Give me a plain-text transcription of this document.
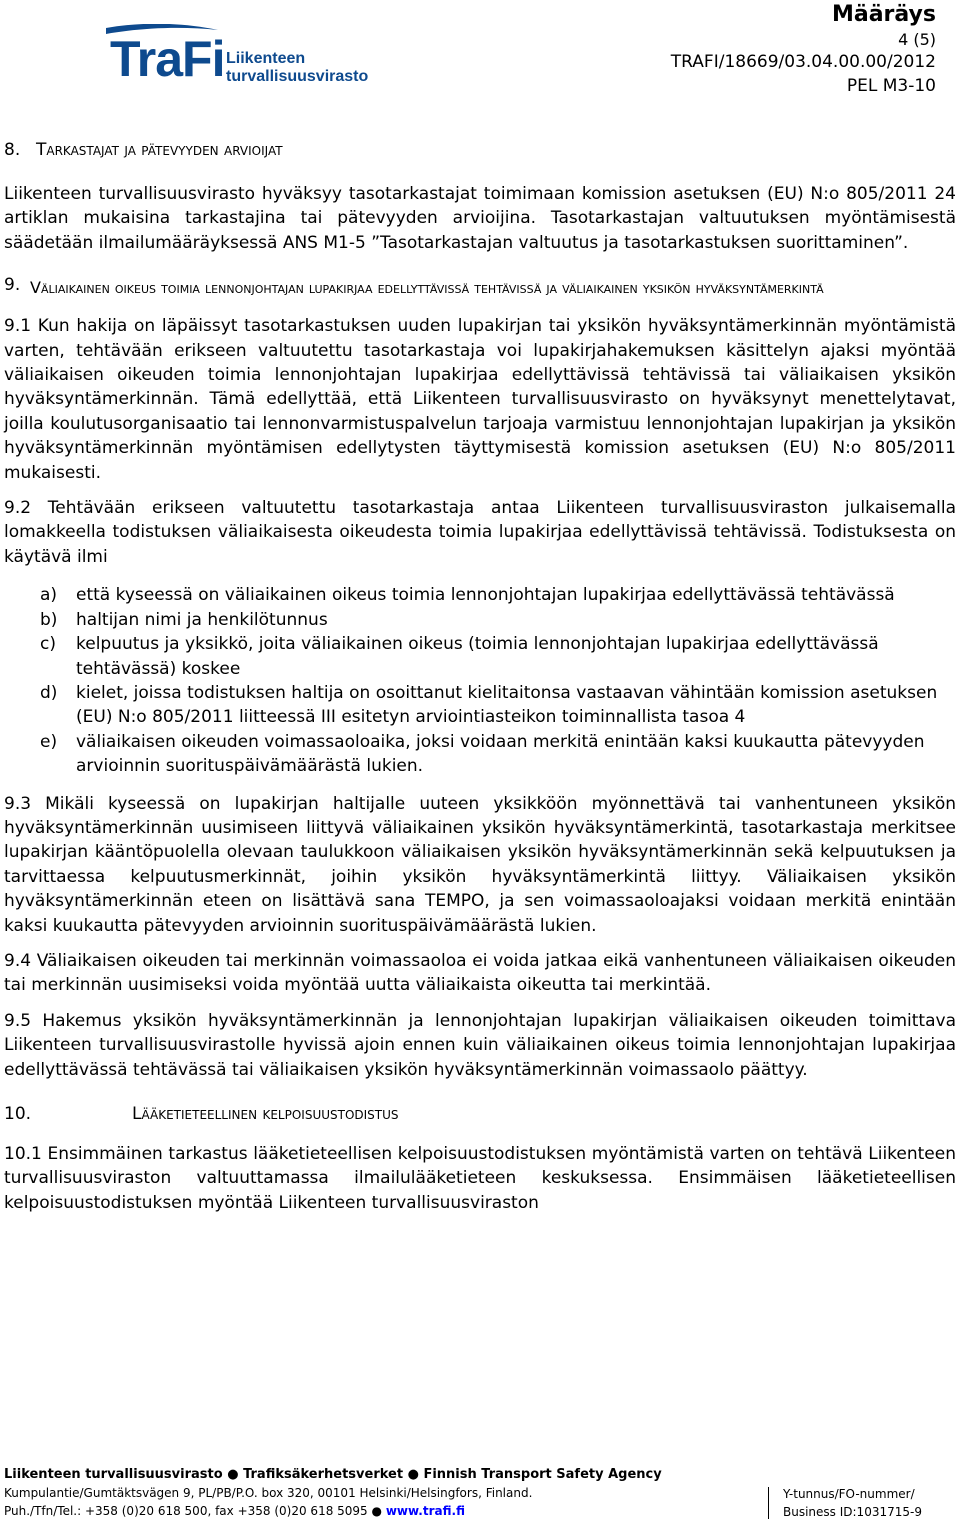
TraFi Liikenteen turvallisuusvirasto
Määräys
4 (5)
TRAFI/18669/03.04.00.00/2012
PEL M3-10
8. Tarkastajat ja pätevyyden arvioijat

Liikenteen turvallisuusvirasto hyväksyy tasotarkastajat toimimaan komission asetuksen (EU) N:o 805/2011 24 artiklan mukaisina tarkastajina tai pätevyyden arvioijina. Tasotarkastajan valtuutuksen myöntämisestä säädetään ilmailumääräyksessä ANS M1-5 ”Tasotarkastajan valtuutus ja tasotarkastuksen suorittaminen”.

9. Väliaikainen oikeus toimia lennonjohtajan lupakirjaa edellyttävissä tehtävissä ja väliaikainen yksikön hyväksyntämerkintä

9.1 Kun hakija on läpäissyt tasotarkastuksen uuden lupakirjan tai yksikön hyväksyntämerkinnän myöntämistä varten, tehtävään erikseen valtuutettu tasotarkastaja voi lupakirjahakemuksen käsittelyn ajaksi myöntää väliaikaisen oikeuden toimia lennonjohtajan lupakirjaa edellyttävissä tehtävissä tai väliaikaisen yksikön hyväksyntämerkinnän. Tämä edellyttää, että Liikenteen turvallisuusvirasto on hyväksynyt menettelytavat, joilla koulutusorganisaatio tai lennonvarmistuspalvelun tarjoaja varmistuu lennonjohtajan lupakirjan ja yksikön hyväksyntämerkinnän myöntämisen edellytysten täyttymisestä komission asetuksen (EU) N:o 805/2011 mukaisesti.

9.2 Tehtävään erikseen valtuutettu tasotarkastaja antaa Liikenteen turvallisuusviraston julkaisemalla lomakkeella todistuksen väliaikaisesta oikeudesta toimia lupakirjaa edellyttävissä tehtävissä. Todistuksesta on käytävä ilmi

a) että kyseessä on väliaikainen oikeus toimia lennonjohtajan lupakirjaa edellyttävässä tehtävässä
b) haltijan nimi ja henkilötunnus
c) kelpuutus ja yksikkö, joita väliaikainen oikeus (toimia lennonjohtajan lupakirjaa edellyttävässä tehtävässä) koskee
d) kielet, joissa todistuksen haltija on osoittanut kielitaitonsa vastaavan vähintään komission asetuksen (EU) N:o 805/2011 liitteessä III esitetyn arviointiasteikon toiminnallista tasoa 4
e) väliaikaisen oikeuden voimassaoloaika, joksi voidaan merkitä enintään kaksi kuukautta pätevyyden arvioinnin suorituspäivämäärästä lukien.

9.3 Mikäli kyseessä on lupakirjan haltijalle uuteen yksikköön myönnettävä tai vanhentuneen yksikön hyväksyntämerkinnän uusimiseen liittyvä väliaikainen yksikön hyväksyntämerkintä, tasotarkastaja merkitsee lupakirjan kääntöpuolella olevaan taulukkoon väliaikaisen yksikön hyväksyntämerkinnän sekä kelpuutuksen ja tarvittaessa kelpuutusmerkinnät, joihin yksikön hyväksyntämerkintä liittyy. Väliaikaisen yksikön hyväksyntämerkinnän eteen on lisättävä sana TEMPO, ja sen voimassaoloajaksi voidaan merkitä enintään kaksi kuukautta pätevyyden arvioinnin suorituspäivämäärästä lukien.

9.4 Väliaikaisen oikeuden tai merkinnän voimassaoloa ei voida jatkaa eikä vanhentuneen väliaikaisen oikeuden tai merkinnän uusimiseksi voida myöntää uutta väliaikaista oikeutta tai merkintää.

9.5 Hakemus yksikön hyväksyntämerkinnän ja lennonjohtajan lupakirjan väliaikaisen oikeuden toimittava Liikenteen turvallisuusvirastolle hyvissä ajoin ennen kuin väliaikainen oikeus toimia lennonjohtajan lupakirjaa edellyttävässä tehtävässä tai väliaikaisen yksikön hyväksyntämerkinnän voimassaolo päättyy.

10.	Lääketieteellinen kelpoisuustodistus

10.1 Ensimmäinen tarkastus lääketieteellisen kelpoisuustodistuksen myöntämistä varten on tehtävä Liikenteen turvallisuusviraston valtuuttamassa ilmailulääketieteen keskuksessa. Ensimmäisen lääketieteellisen kelpoisuustodistuksen myöntää Liikenteen turvallisuusviraston

Liikenteen turvallisuusvirasto ● Trafiksäkerhetsverket ● Finnish Transport Safety Agency
Kumpulantie/Gumtäktsvägen 9, PL/PB/P.O. box 320, 00101 Helsinki/Helsingfors, Finland.
Puh./Tfn/Tel.: +358 (0)20 618 500, fax +358 (0)20 618 5095 ● www.trafi.fi
Y-tunnus/FO-nummer/
Business ID:1031715-9
